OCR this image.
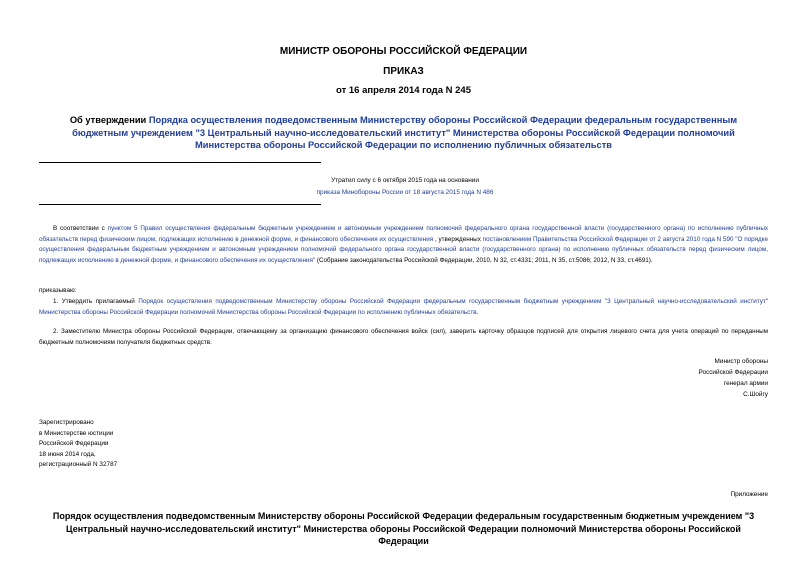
МИНИСТР ОБОРОНЫ РОССИЙСКОЙ ФЕДЕРАЦИИ
ПРИКАЗ
от 16 апреля 2014 года N 245
Об утверждении Порядка осуществления подведомственным Министерству обороны Российской Федерации федеральным государственным бюджетным учреждением "3 Центральный научно-исследовательский институт" Министерства обороны Российской Федерации полномочий Министерства обороны Российской Федерации по исполнению публичных обязательств
Утратил силу с 6 октября 2015 года на основании
приказа Минобороны России от 18 августа 2015 года N 486
В соответствии с пунктом 5 Правил осуществления федеральным бюджетным учреждением и автономным учреждением полномочий федерального органа государственной власти (государственного органа) по исполнению публичных обязательств перед физическим лицом, подлежащих исполнению в денежной форме, и финансового обеспечения их осуществления , утвержденных постановлением Правительства Российской Федерации от 2 августа 2010 года N 590 "О порядке осуществления федеральным бюджетным учреждением и автономным учреждением полномочий федерального органа государственной власти (государственного органа) по исполнению публичных обязательств перед физическим лицом, подлежащих исполнению в денежной форме, и финансового обеспечения их осуществления" (Собрание законодательства Российской Федерации, 2010, N 32, ст.4331; 2011, N 35, ст.5086; 2012, N 33, ст.4691).
приказываю:
1. Утвердить прилагаемый Порядок осуществления подведомственным Министерству обороны Российской Федерации федеральным государственным бюджетным учреждением "3 Центральный научно-исследовательский институт" Министерства обороны Российской Федерации полномочий Министерства обороны Российской Федерации по исполнению публичных обязательств.
2. Заместителю Министра обороны Российской Федерации, отвечающему за организацию финансового обеспечения войск (сил), заверить карточку образцов подписей для открытия лицевого счета для учета операций по переданным бюджетным полномочиям получателя бюджетных средств.
Министр обороны
Российской Федерации
генерал армии
С.Шойгу
Зарегистрировано
в Министерстве юстиции
Российской Федерации
18 июня 2014 года,
регистрационный N 32787
Приложение
Порядок осуществления подведомственным Министерству обороны Российской Федерации федеральным государственным бюджетным учреждением "3 Центральный научно-исследовательский институт" Министерства обороны Российской Федерации полномочий Министерства обороны Российской Федерации
